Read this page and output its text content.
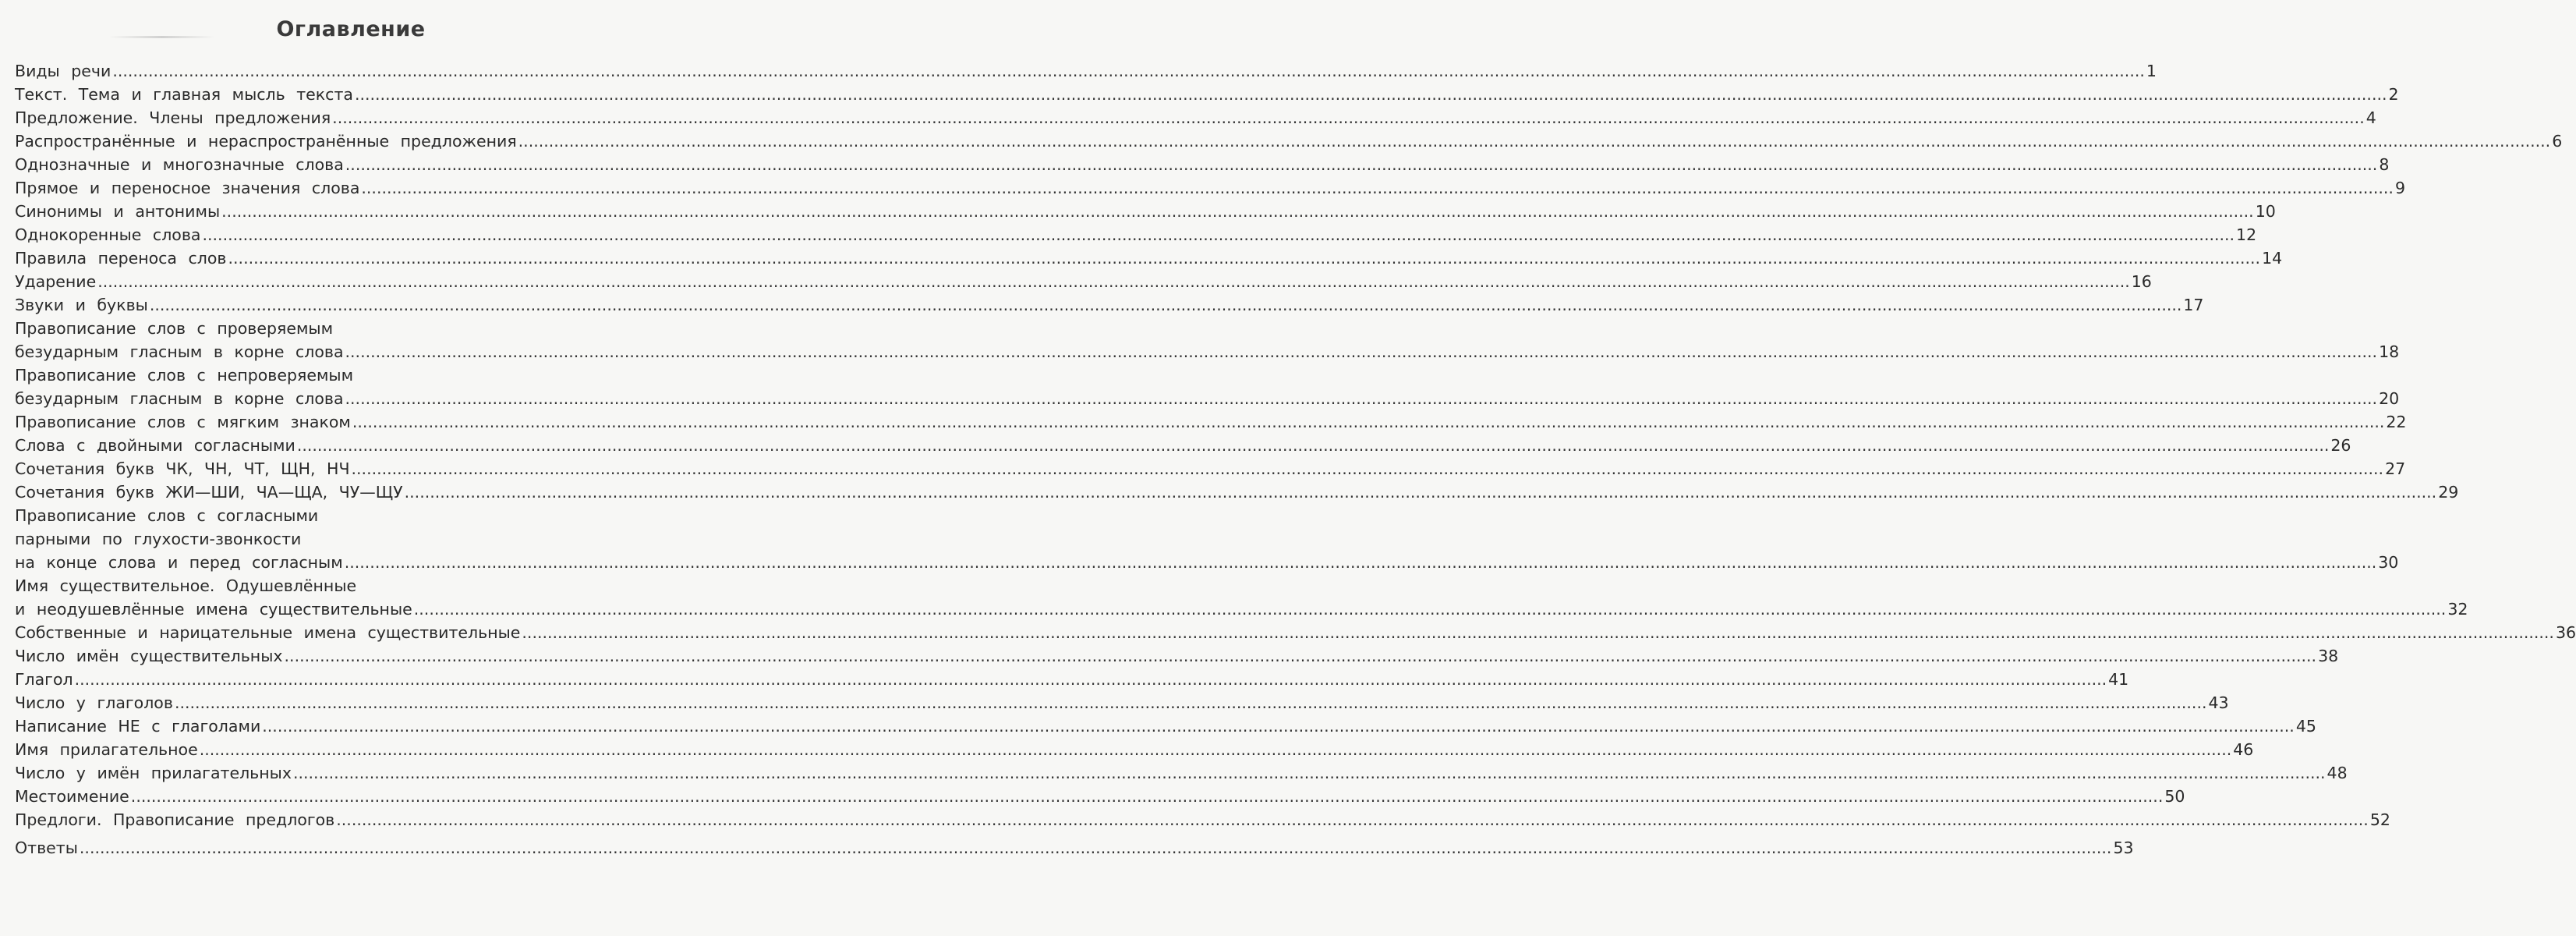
Оглавление
Виды речи ................................................................................................................................................................................................................................................................................................................................................................................................................ 1
Текст. Тема и главная мысль текста ................................................................................................................................................................................................................................................................................................................................................................................................................ 2
Предложение. Члены предложения ................................................................................................................................................................................................................................................................................................................................................................................................................ 4
Распространённые и нераспространённые предложения ................................................................................................................................................................................................................................................................................................................................................................................................................ 6
Однозначные и многозначные слова ................................................................................................................................................................................................................................................................................................................................................................................................................ 8
Прямое и переносное значения слова ................................................................................................................................................................................................................................................................................................................................................................................................................ 9
Синонимы и антонимы ................................................................................................................................................................................................................................................................................................................................................................................................................ 10
Однокоренные слова ................................................................................................................................................................................................................................................................................................................................................................................................................ 12
Правила переноса слов ................................................................................................................................................................................................................................................................................................................................................................................................................ 14
Ударение ................................................................................................................................................................................................................................................................................................................................................................................................................ 16
Звуки и буквы ................................................................................................................................................................................................................................................................................................................................................................................................................ 17
Правописание слов с проверяемым
безударным гласным в корне слова ................................................................................................................................................................................................................................................................................................................................................................................................................ 18
Правописание слов с непроверяемым
безударным гласным в корне слова ................................................................................................................................................................................................................................................................................................................................................................................................................ 20
Правописание слов с мягким знаком ................................................................................................................................................................................................................................................................................................................................................................................................................ 22
Слова с двойными согласными ................................................................................................................................................................................................................................................................................................................................................................................................................ 26
Сочетания букв ЧК, ЧН, ЧТ, ЩН, НЧ ................................................................................................................................................................................................................................................................................................................................................................................................................ 27
Сочетания букв ЖИ—ШИ, ЧА—ЩА, ЧУ—ЩУ ................................................................................................................................................................................................................................................................................................................................................................................................................ 29
Правописание слов с согласными
парными по глухости-звонкости
на конце слова и перед согласным ................................................................................................................................................................................................................................................................................................................................................................................................................ 30
Имя существительное. Одушевлённые
и неодушевлённые имена существительные ................................................................................................................................................................................................................................................................................................................................................................................................................ 32
Собственные и нарицательные имена существительные ................................................................................................................................................................................................................................................................................................................................................................................................................ 36
Число имён существительных ................................................................................................................................................................................................................................................................................................................................................................................................................ 38
Глагол ................................................................................................................................................................................................................................................................................................................................................................................................................ 41
Число у глаголов ................................................................................................................................................................................................................................................................................................................................................................................................................ 43
Написание НЕ с глаголами ................................................................................................................................................................................................................................................................................................................................................................................................................ 45
Имя прилагательное ................................................................................................................................................................................................................................................................................................................................................................................................................ 46
Число у имён прилагательных ................................................................................................................................................................................................................................................................................................................................................................................................................ 48
Местоимение ................................................................................................................................................................................................................................................................................................................................................................................................................ 50
Предлоги. Правописание предлогов ................................................................................................................................................................................................................................................................................................................................................................................................................ 52
Ответы ................................................................................................................................................................................................................................................................................................................................................................................................................ 53
